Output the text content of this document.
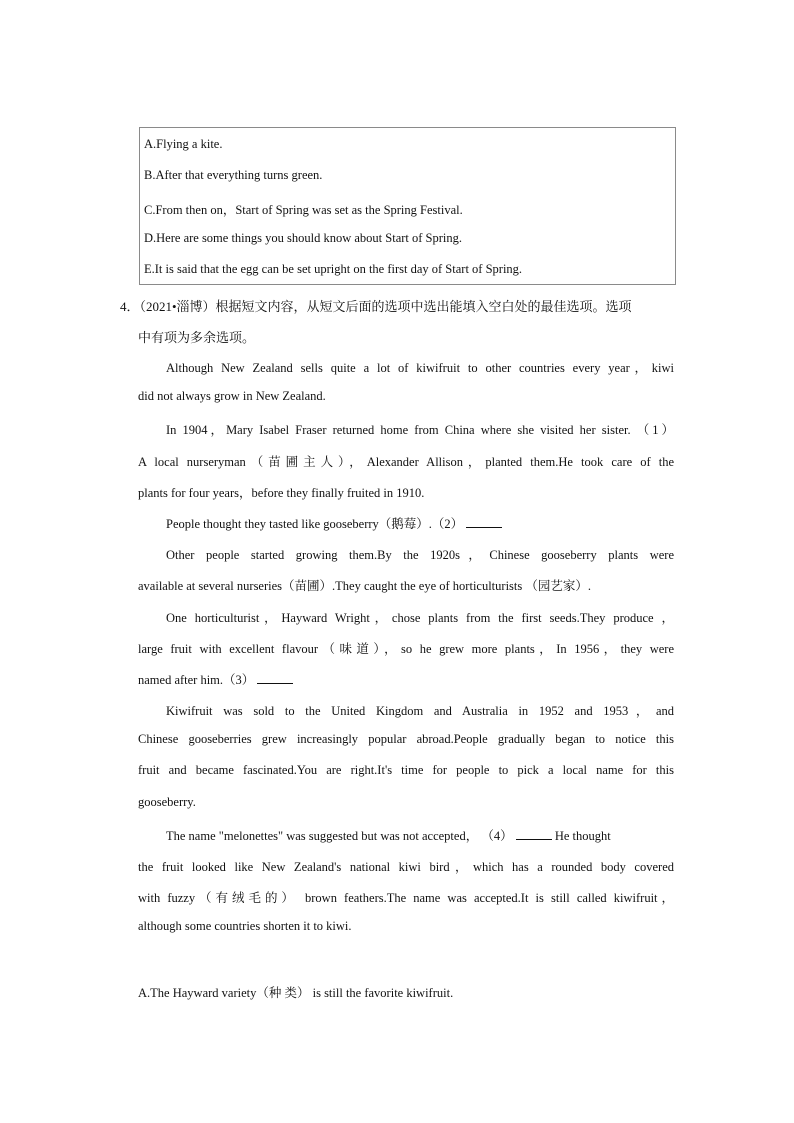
A.Flying a kite.
B.After that everything turns green.
C.From then on，Start of Spring was set as the Spring Festival.
D.Here are some things you should know about Start of Spring.
E.It is said that the egg can be set upright on the first day of Start of Spring.
4．（2021•淄博）根据短文内容，从短文后面的选项中选出能填入空白处的最佳选项。选项
中有项为多余选项。
Although New Zealand sells quite a lot of kiwifruit to other countries every year，kiwi
did not always grow in New Zealand.
In 1904，Mary Isabel Fraser returned home from China where she visited her sister. （1）
A local nurseryman（苗圃主人），Alexander Allison，planted them.He took care of the
plants for four years，before they finally fruited in 1910.
People thought they tasted like gooseberry（鹅莓）.（2）
Other people started growing them.By the 1920s，Chinese gooseberry plants were
available at several nurseries（苗圃）.They caught the eye of horticulturists （园艺家）.
One horticulturist，Hayward Wright，chose plants from the first seeds.They produce ，
large fruit with excellent flavour（味道），so he grew more plants，In 1956，they were
named after him.（3）
Kiwifruit was sold to the United Kingdom and Australia in 1952 and 1953，and
Chinese gooseberries grew increasingly popular abroad.People gradually began to notice this
fruit and became fascinated.You are right.It's time for people to pick a local name for this
gooseberry.
The name "melonettes" was suggested but was not accepted， （4）	He thought
the fruit looked like New Zealand's national kiwi bird，which has a rounded body covered
with fuzzy（有绒毛的） brown feathers.The name was accepted.It is still called kiwifruit，
although some countries shorten it to kiwi.
A.The Hayward variety（种 类） is still the favorite kiwifruit.
